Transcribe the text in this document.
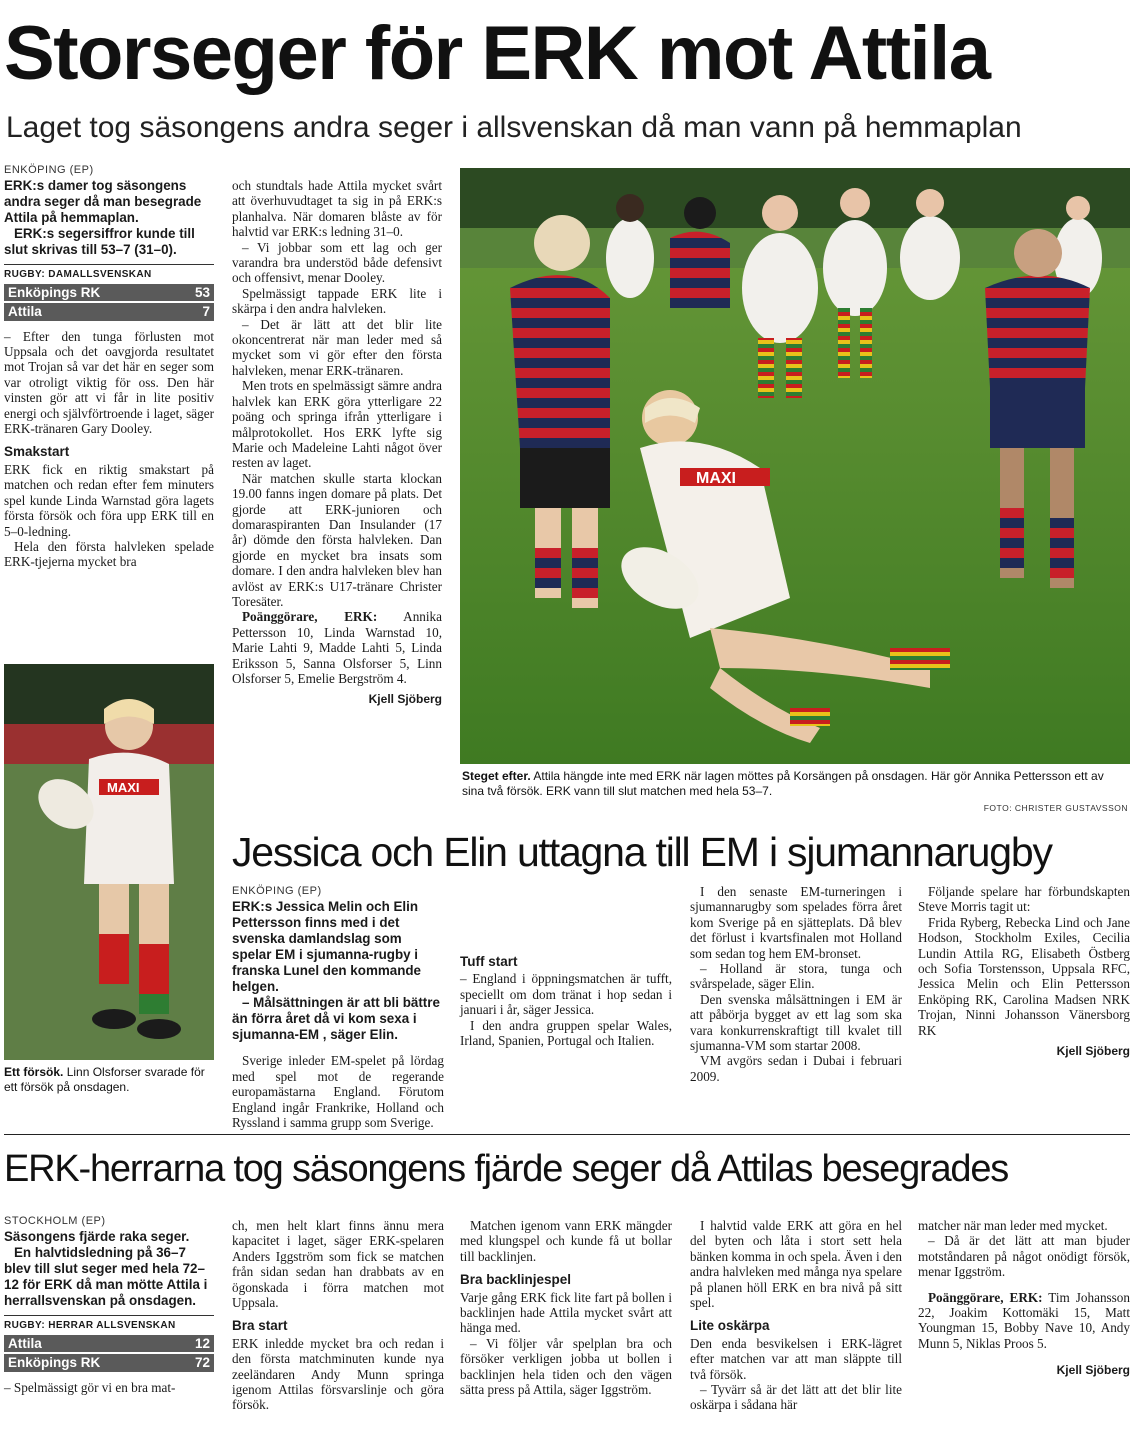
Storseger för ERK mot Attila
Laget tog säsongens andra seger i allsvenskan då man vann på hemmaplan
ENKÖPING (EP)
ERK:s damer tog säsongens andra seger då man besegrade Attila på hemmaplan.
ERK:s segersiffror kunde till slut skrivas till 53–7 (31–0).
RUGBY: DAMALLSVENSKAN
Enköpings RK	53
Attila	7

– Efter den tunga förlusten mot Uppsala och det oavgjorda resultatet mot Trojan så var det här en seger som var otroligt viktig för oss. Den här vinsten gör att vi får in lite positiv energi och självförtroende i laget, säger ERK-tränaren Gary Dooley.

Smakstart

ERK fick en riktig smakstart på matchen och redan efter fem minuters spel kunde Linda Warnstad göra lagets första försök och föra upp ERK till en 5–0-ledning.

Hela den första halvleken spelade ERK-tjejerna mycket bra

och stundtals hade Attila mycket svårt att överhuvudtaget ta sig in på ERK:s planhalva. När domaren blåste av för halvtid var ERK:s ledning 31–0.

– Vi jobbar som ett lag och ger varandra bra understöd både defensivt och offensivt, menar Dooley.

Spelmässigt tappade ERK lite i skärpa i den andra halvleken.

– Det är lätt att det blir lite okoncentrerat när man leder med så mycket som vi gör efter den första halvleken, menar ERK-tränaren.

Men trots en spelmässigt sämre andra halvlek kan ERK göra ytterligare 22 poäng och springa ifrån ytterligare i målprotokollet. Hos ERK lyfte sig Marie och Madeleine Lahti något över resten av laget.

När matchen skulle starta klockan 19.00 fanns ingen domare på plats. Det gjorde att ERK-junioren och domaraspiranten Dan Insulander (17 år) dömde den första halvleken. Dan gjorde en mycket bra insats som domare. I den andra halvleken blev han avlöst av ERK:s U17-tränare Christer Toresäter.

Poänggörare, ERK: Annika Pettersson 10, Linda Warnstad 10, Marie Lahti 9, Madde Lahti 5, Linda Eriksson 5, Sanna Olsforser 5, Linn Olsforser 5, Emelie Bergström 4.

Kjell Sjöberg
MAXI
Steget efter. Attila hängde inte med ERK när lagen möttes på Korsängen på onsdagen. Här gör Annika Pettersson ett av sina två försök. ERK vann till slut matchen med hela 53–7.
FOTO: CHRISTER GUSTAVSSON
MAXI
Ett försök. Linn Olsforser svarade för ett försök på onsdagen.
Jessica och Elin uttagna till EM i sjumannarugby
ENKÖPING (EP)
ERK:s Jessica Melin och Elin Pettersson finns med i det svenska damlandslag som spelar EM i sjumanna-rugby i franska Lunel den kommande helgen.
– Målsättningen är att bli bättre än förra året då vi kom sexa i sjumanna-EM , säger Elin.

Sverige inleder EM-spelet på lördag med spel mot de regerande europamästarna England. Förutom England ingår Frankrike, Holland och Ryssland i samma grupp som Sverige.

Tuff start

– England i öppningsmatchen är tufft, speciellt om dom tränat i hop sedan i januari i år, säger Jessica.

I den andra gruppen spelar Wales, Irland, Spanien, Portugal och Italien.

I den senaste EM-turneringen i sjumannarugby som spelades förra året kom Sverige på en sjätteplats. Då blev det förlust i kvartsfinalen mot Holland som sedan tog hem EM-bronset.

– Holland är stora, tunga och svårspelade, säger Elin.

Den svenska målsättningen i EM är att påbörja bygget av ett lag som ska vara konkurrenskraftigt till kvalet till sjumanna-VM som startar 2008.

VM avgörs sedan i Dubai i februari 2009.

Följande spelare har förbundskapten Steve Morris tagit ut:

Frida Ryberg, Rebecka Lind och Jane Hodson, Stockholm Exiles, Cecilia Lundin Attila RG, Elisabeth Östberg och Sofia Torstensson, Uppsala RFC, Jessica Melin och Elin Pettersson Enköping RK, Carolina Madsen NRK Trojan, Ninni Johansson Vänersborg RK

Kjell Sjöberg
ERK-herrarna tog säsongens fjärde seger då Attilas besegrades
STOCKHOLM (EP)
Säsongens fjärde raka seger.
En halvtidsledning på 36–7 blev till slut seger med hela 72–12 för ERK då man mötte Attila i herrallsvenskan på onsdagen.
RUGBY: HERRAR ALLSVENSKAN
Attila	12
Enköpings RK	72

– Spelmässigt gör vi en bra mat-

ch, men helt klart finns ännu mera kapacitet i laget, säger ERK-spelaren Anders Iggström som fick se matchen från sidan sedan han drabbats av en ögonskada i förra matchen mot Uppsala.

Bra start

ERK inledde mycket bra och redan i den första matchminuten kunde nya zeeländaren Andy Munn springa igenom Attilas försvarslinje och göra försök.

Matchen igenom vann ERK mängder med klungspel och kunde få ut bollar till backlinjen.

Bra backlinjespel

Varje gång ERK fick lite fart på bollen i backlinjen hade Attila mycket svårt att hänga med.

– Vi följer vår spelplan bra och försöker verkligen jobba ut bollen i backlinjen hela tiden och den vägen sätta press på Attila, säger Iggström.

I halvtid valde ERK att göra en hel del byten och låta i stort sett hela bänken komma in och spela. Även i den andra halvleken med många nya spelare på planen höll ERK en bra nivå på sitt spel.

Lite oskärpa

Den enda besvikelsen i ERK-lägret efter matchen var att man släppte till två försök.

– Tyvärr så är det lätt att det blir lite oskärpa i sådana här

matcher när man leder med mycket.

– Då är det lätt att man bjuder motståndaren på något onödigt försök, menar Iggström.

Poänggörare, ERK: Tim Johansson 22, Joakim Kottomäki 15, Matt Youngman 15, Bobby Nave 10, Andy Munn 5, Niklas Proos 5.

Kjell Sjöberg
